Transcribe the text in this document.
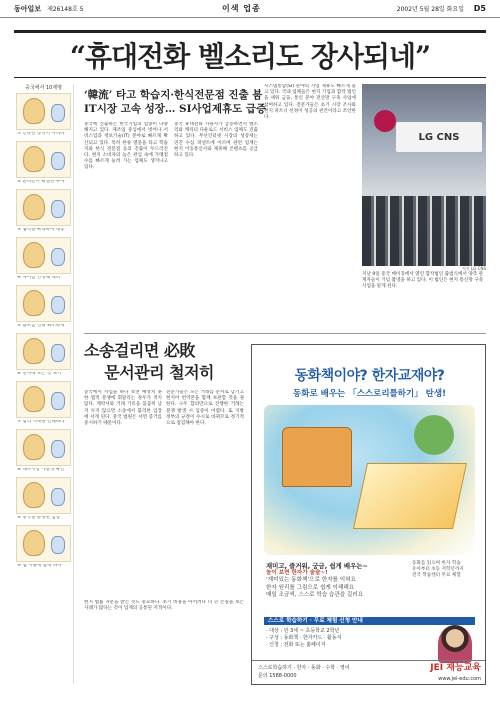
동아일보 제26148호 5	이색 업종	2002년 5월 28일 화요일 D5
“휴대전화 벨소리도 장사되네”
중국에서 10계명
① 안락한 장벽이 아니다
② 준비만이 확실한 투자
③ 협력을 확대하여 대응
④ 차이를 인정해 대비
⑤ 음모를 신뢰 최소하게
⑥ 현지에 모든 것 보기
⑦ 합리 지속을 인내하라
⑧ 내수시장 가능성 확인
⑨ 중국을 분명한 입장
⑩ 법 이용에 함께 하자
‘韓流’ 타고 학습지·한식전문점 진출 붐
IT시장 고속 성장… SI사업제휴도 급증
중국에 진출하는 한국기업의 업종이 다양해지고 있다. 제조업 중심에서 벗어나 서비스업과 정보기술(IT) 분야로 빠르게 확산되고 있다. 특히 한류 열풍을 타고 학습지와 한식 전문점 등의 진출이 두드러진다. 현지 소비자의 높은 관심 속에 가맹점 수를 빠르게 늘려 가는 업체도 생겨나고 있다.
중국 휴대전화 사용자가 급증하면서 벨소리와 캐릭터 다운로드 서비스 업체도 진출하고 있다. 무선인터넷 시장의 성장세는 연간 수십 퍼센트에 이르며 관련 업계는 현지 이동통신사와 제휴해 콘텐츠를 공급하고 있다.
시스템통합(SI) 분야의 사업 제휴도 빠르게 늘고 있다. 국내 업체들은 현지 기업과 합작 법인을 세워 금융, 통신 분야 전산망 구축 사업에 참여하고 있다. 전문가들은 초기 시장 조사와 현지 파트너 선정이 성공의 관건이라고 조언한다.
LG CNS
사진 LG CNS
지난 9일 중국 베이징에서 열린 합작법인 출범식에서 양측 관계자들이 기념 촬영을 하고 있다. 이 법인은 현지 통신망 구축 사업을 맡게 된다.
소송걸리면 必敗
문서관리 철저히
중국에서 사업을 하다 보면 예상치 못한 법적 분쟁에 휘말리는 경우가 적지 않다. 계약서와 거래 기록을 꼼꼼히 남겨 두지 않으면 소송에서 불리한 입장에 서게 된다. 중국 법원은 서면 증거를 중시하기 때문이다.
전문가들은 모든 거래를 문서로 남기고 현지어 번역본을 함께 보관할 것을 권한다. 구두 합의만으로 진행한 거래는 분쟁 발생 시 입증이 어렵다. 또 지방 정부의 규정이 수시로 바뀌므로 정기적으로 점검해야 한다.
현지 법률 자문을 받는 것도 중요하다. 초기 비용을 아끼려다 더 큰 손실을 보는 사례가 많다는 것이 업계의 공통된 지적이다.
동화책이야? 한자교재야?
동화로 배우는 「스스로리틀하기」 탄생!
재미고, 즐거워, 궁금, 쉽게 배우는~
놀이 보면 한자가 술술~!
‘재미있는 동화책’으로 한자를 익혀요
한자 원리를 그림으로 쉽게 이해해요
매일 조금씩, 스스로 학습 습관을 길러요
동화를 읽으며 한자 학습
유아부터 초등 저학년까지
전국 학습센터 무료 체험
스스로 학습하기 · 무료 체험 신청 안내
· 대상 : 만 3세 ~ 초등학교 2학년
· 구성 : 동화책 · 한자카드 · 활동지
· 신청 : 전화 또는 홈페이지
스스로학습하기 · 한자 · 동화 · 수학 · 영어
문의 1588-0000
JEI 재능교육
www.jei-edu.com
